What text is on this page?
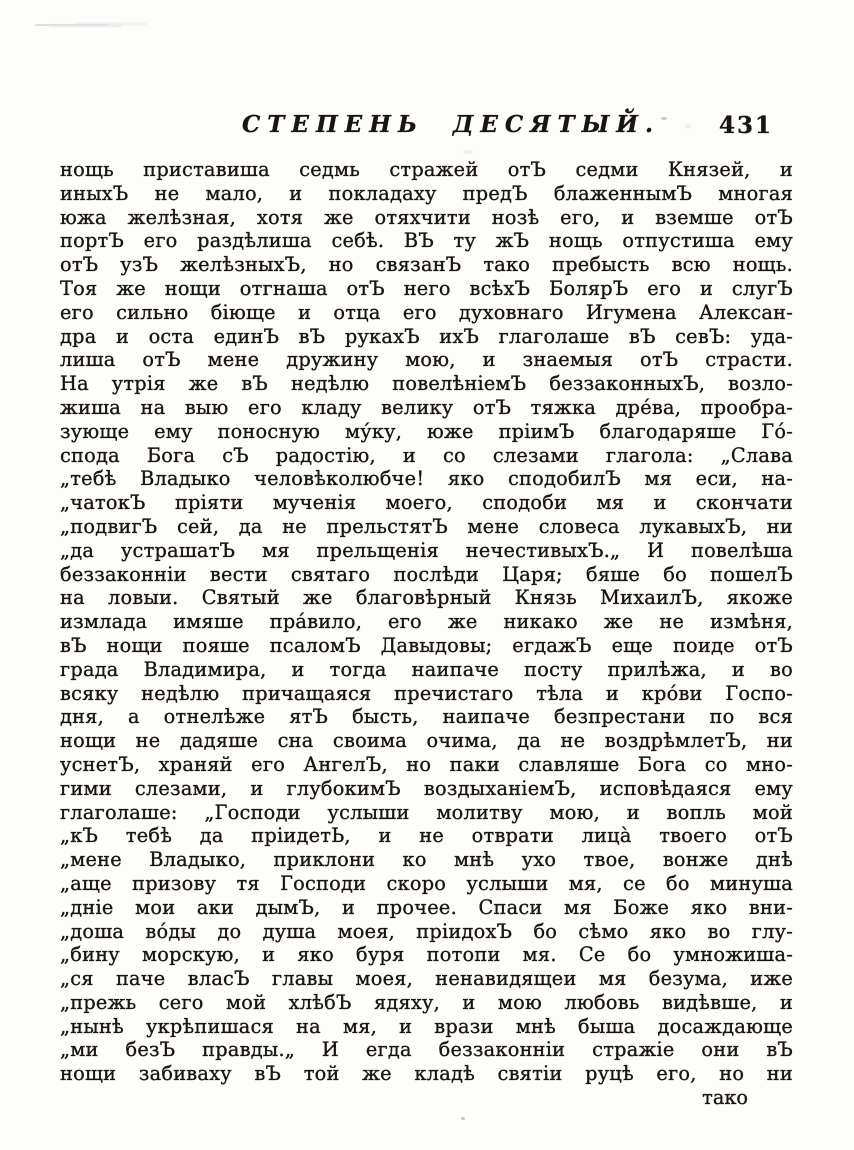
СТЕПЕНЬ ДЕСЯТЫЙ.	431
нощь приставиша седмь стражей отЪ седми Князей, и
иныхЪ не мало, и покладаху предЪ блаженнымЪ многая
южа желѣзная, хотя же отяхчити нозѣ его, и вземше отЪ
портЪ его раздѣлиша себѣ. ВЪ ту жЪ нощь отпустиша ему
отЪ узЪ желѣзныхЪ, но связанЪ тако пребысть всю нощь.
Тоя же нощи отгнаша отЪ него всѣхЪ БолярЪ его и слугЪ
его сильно біюще и отца его духовнаго Игумена Алексан-
дра и оста единЪ вЪ рукахЪ ихЪ глаголаше вЪ севЪ: уда-
лиша отЪ мене дружину мою, и знаемыя отЪ страсти.
На утрія же вЪ недѣлю повелѣніемЪ беззаконныхЪ, возло-
жиша на выю его кладу велику отЪ тяжка дре́ва, прообра-
зующе ему поносную му́ку, юже пріимЪ благодаряше Го́-
спода Бога сЪ радостію, и со слезами глагола: „Слава
„тебѣ Владыко человѣколюбче! яко сподобилЪ мя еси, на-
„чатокЪ пріяти мученія моего, сподоби мя и скончати
„подвигЪ сей, да не прельстятЪ мене словеса лукавыхЪ, ни
„да устрашатЪ мя прельщенія нечестивыхЪ.„ И повелѣша
беззаконніи вести святаго послѣди Царя; бяше бо пошелЪ
на ловыи. Святый же благовѣрный Князь МихаилЪ, якоже
измлада имяше пра́вило, его же никако же не измѣня,
вЪ нощи пояше псаломЪ Давыдовы; егдажЪ еще поиде отЪ
града Владимира, и тогда наипаче посту прилѣжа, и во
всяку недѣлю причащаяся пречистаго тѣла и кро́ви Госпо-
дня, а отнелѣже ятЪ бысть, наипаче безпрестани по вся
нощи не дадяше сна своима очима, да не воздрѣмлетЪ, ни
уснетЪ, храняй его АнгелЪ, но паки славляше Бога со мно-
гими слезами, и глубокимЪ воздыханіемЪ, исповѣдаяся ему
глаголаше: „Господи услыши молитву мою, и вопль мой
„кЪ тебѣ да пріидетЬ, и не отврати лица̀ твоего отЪ
„мене Владыко, приклони ко мнѣ ухо твое, вонже днѣ
„аще призову тя Господи скоро услыши мя, се бо минуша
„дніе мои аки дымЪ, и прочее. Спаси мя Боже яко вни-
„доша во́ды до душа моея, пріидохЪ бо сѣмо яко во глу-
„бину морскую, и яко буря потопи мя. Се бо умножиша-
„ся паче власЪ главы моея, ненавидящеи мя безума, иже
„прежь сего мой хлѣбЪ ядяху, и мою любовь видѣвше, и
„нынѣ укрѣпишася на мя, и врази мнѣ быша досаждающе
„ми безЪ правды.„ И егда беззаконніи стражіе они вЪ
нощи забиваху вЪ той же кладѣ святіи руцѣ его, но ни
тако
